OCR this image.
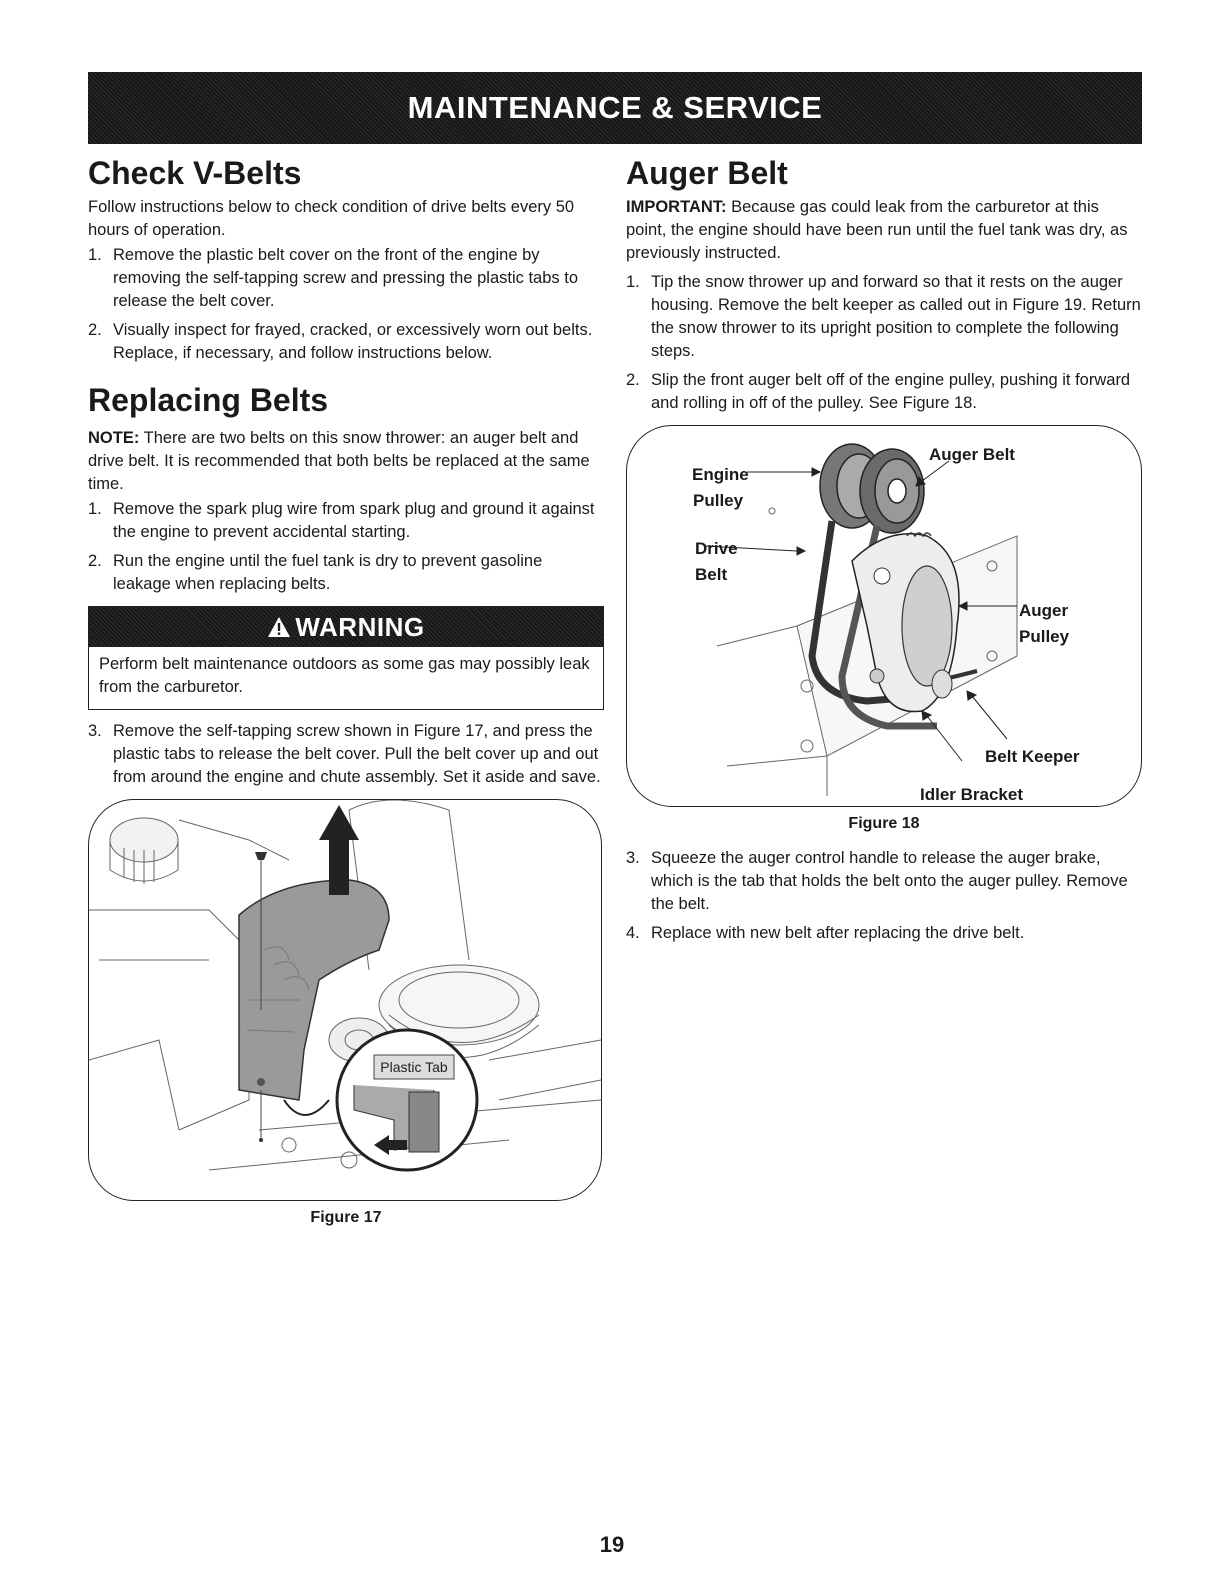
MAINTENANCE & SERVICE
Check V-Belts

Follow instructions below to check condition of drive belts every 50 hours of operation.

1. Remove the plastic belt cover on the front of the engine by removing the self-tapping screw and pressing the plastic tabs to release the belt cover.
2. Visually inspect for frayed, cracked, or excessively worn out belts. Replace, if necessary, and follow instructions below.
Replacing Belts

NOTE: There are two belts on this snow thrower: an auger belt and drive belt. It is recommended that both belts be replaced at the same time.

1. Remove the spark plug wire from spark plug and ground it against the engine to prevent accidental starting.
2. Run the engine until the fuel tank is dry to prevent gasoline leakage when replacing belts.
WARNING
Perform belt maintenance outdoors as some gas may possibly leak from the carburetor.
3. Remove the self-tapping screw shown in Figure 17, and press the plastic tabs to release the belt cover. Pull the belt cover up and out from around the engine and chute assembly. Set it aside and save.
Plastic Tab
Figure 17
Auger Belt

IMPORTANT: Because gas could leak from the carburetor at this point, the engine should have been run until the fuel tank was dry, as previously instructed.

1. Tip the snow thrower up and forward so that it rests on the auger housing. Remove the belt keeper as called out in Figure 19. Return the snow thrower to its upright position to complete the following steps.
2. Slip the front auger belt off of the engine pulley, pushing it forward and rolling in off of the pulley. See Figure 18.
Auger Belt
Engine
Pulley
Drive
Belt
Auger
Pulley
Belt Keeper
Idler Bracket
Figure 18
3. Squeeze the auger control handle to release the auger brake, which is the tab that holds the belt onto the auger pulley. Remove the belt.
4. Replace with new belt after replacing the drive belt.
19
